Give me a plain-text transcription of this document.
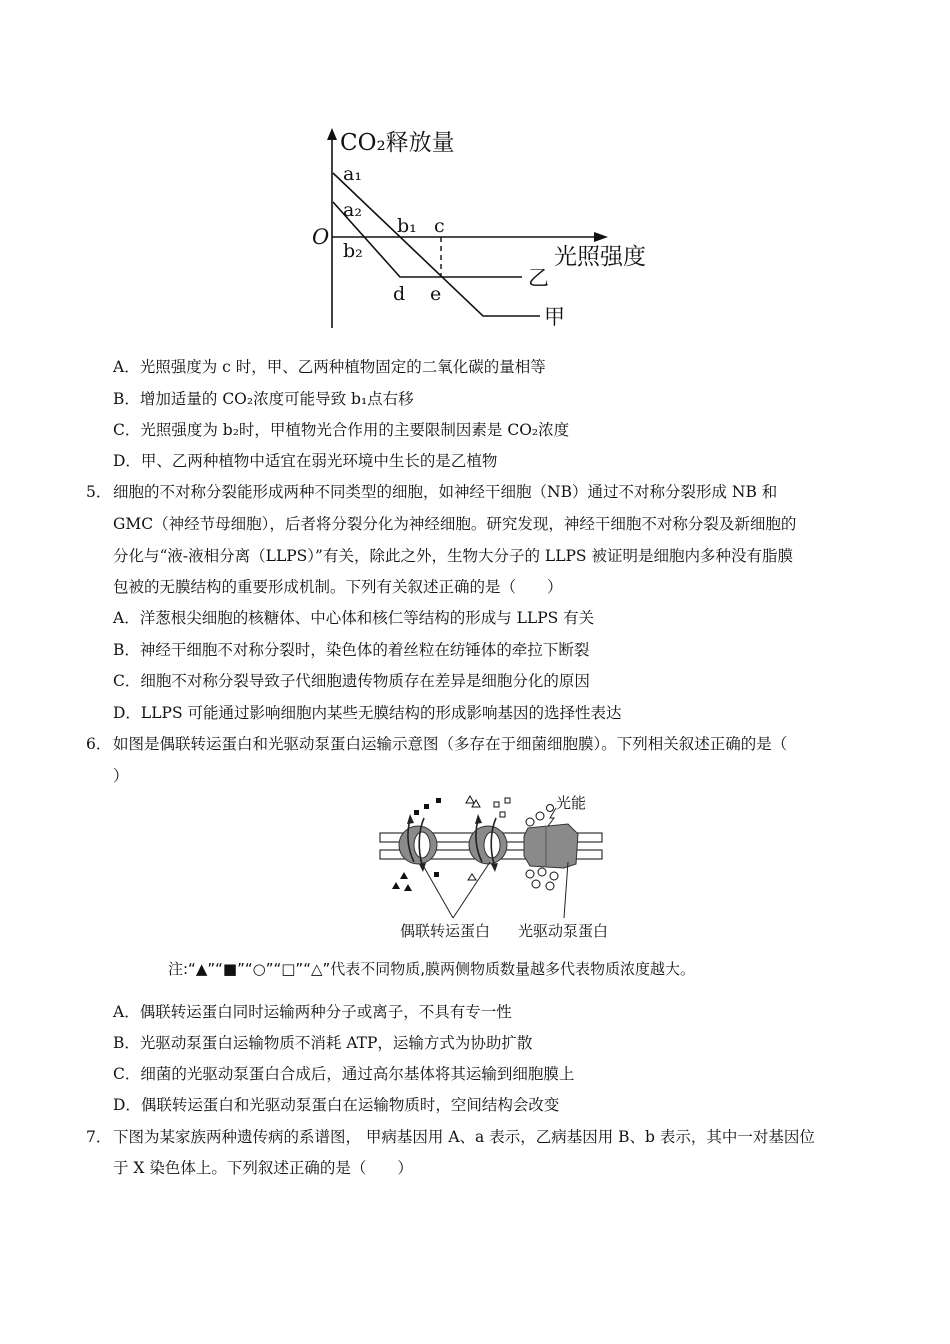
CO₂释放量
光照强度
O
a₁
a₂
b₁ c
b₂
d e
乙
甲
A．光照强度为 c 时，甲、乙两种植物固定的二氧化碳的量相等
B．增加适量的 CO₂浓度可能导致 b₁点右移
C．光照强度为 b₂时，甲植物光合作用的主要限制因素是 CO₂浓度
D．甲、乙两种植物中适宜在弱光环境中生长的是乙植物
5． 细胞的不对称分裂能形成两种不同类型的细胞，如神经干细胞（NB）通过不对称分裂形成 NB 和
GMC（神经节母细胞），后者将分裂分化为神经细胞。研究发现，神经干细胞不对称分裂及新细胞的
分化与“液-液相分离（LLPS）”有关，除此之外，生物大分子的 LLPS 被证明是细胞内多种没有脂膜
包被的无膜结构的重要形成机制。下列有关叙述正确的是（　　）
A．洋葱根尖细胞的核糖体、中心体和核仁等结构的形成与 LLPS 有关
B．神经干细胞不对称分裂时，染色体的着丝粒在纺锤体的牵拉下断裂
C．细胞不对称分裂导致子代细胞遗传物质存在差异是细胞分化的原因
D．LLPS 可能通过影响细胞内某些无膜结构的形成影响基因的选择性表达
6． 如图是偶联转运蛋白和光驱动泵蛋白运输示意图（多存在于细菌细胞膜）。下列相关叙述正确的是（
）
光能
偶联转运蛋白 光驱动泵蛋白
注:“▲”“■”“○”“□”“△”代表不同物质,膜两侧物质数量越多代表物质浓度越大。
A．偶联转运蛋白同时运输两种分子或离子，不具有专一性
B．光驱动泵蛋白运输物质不消耗 ATP，运输方式为协助扩散
C．细菌的光驱动泵蛋白合成后，通过高尔基体将其运输到细胞膜上
D．偶联转运蛋白和光驱动泵蛋白在运输物质时，空间结构会改变
7． 下图为某家族两种遗传病的系谱图， 甲病基因用 A、a 表示，乙病基因用 B、b 表示，其中一对基因位
于 X 染色体上。下列叙述正确的是（　　）
